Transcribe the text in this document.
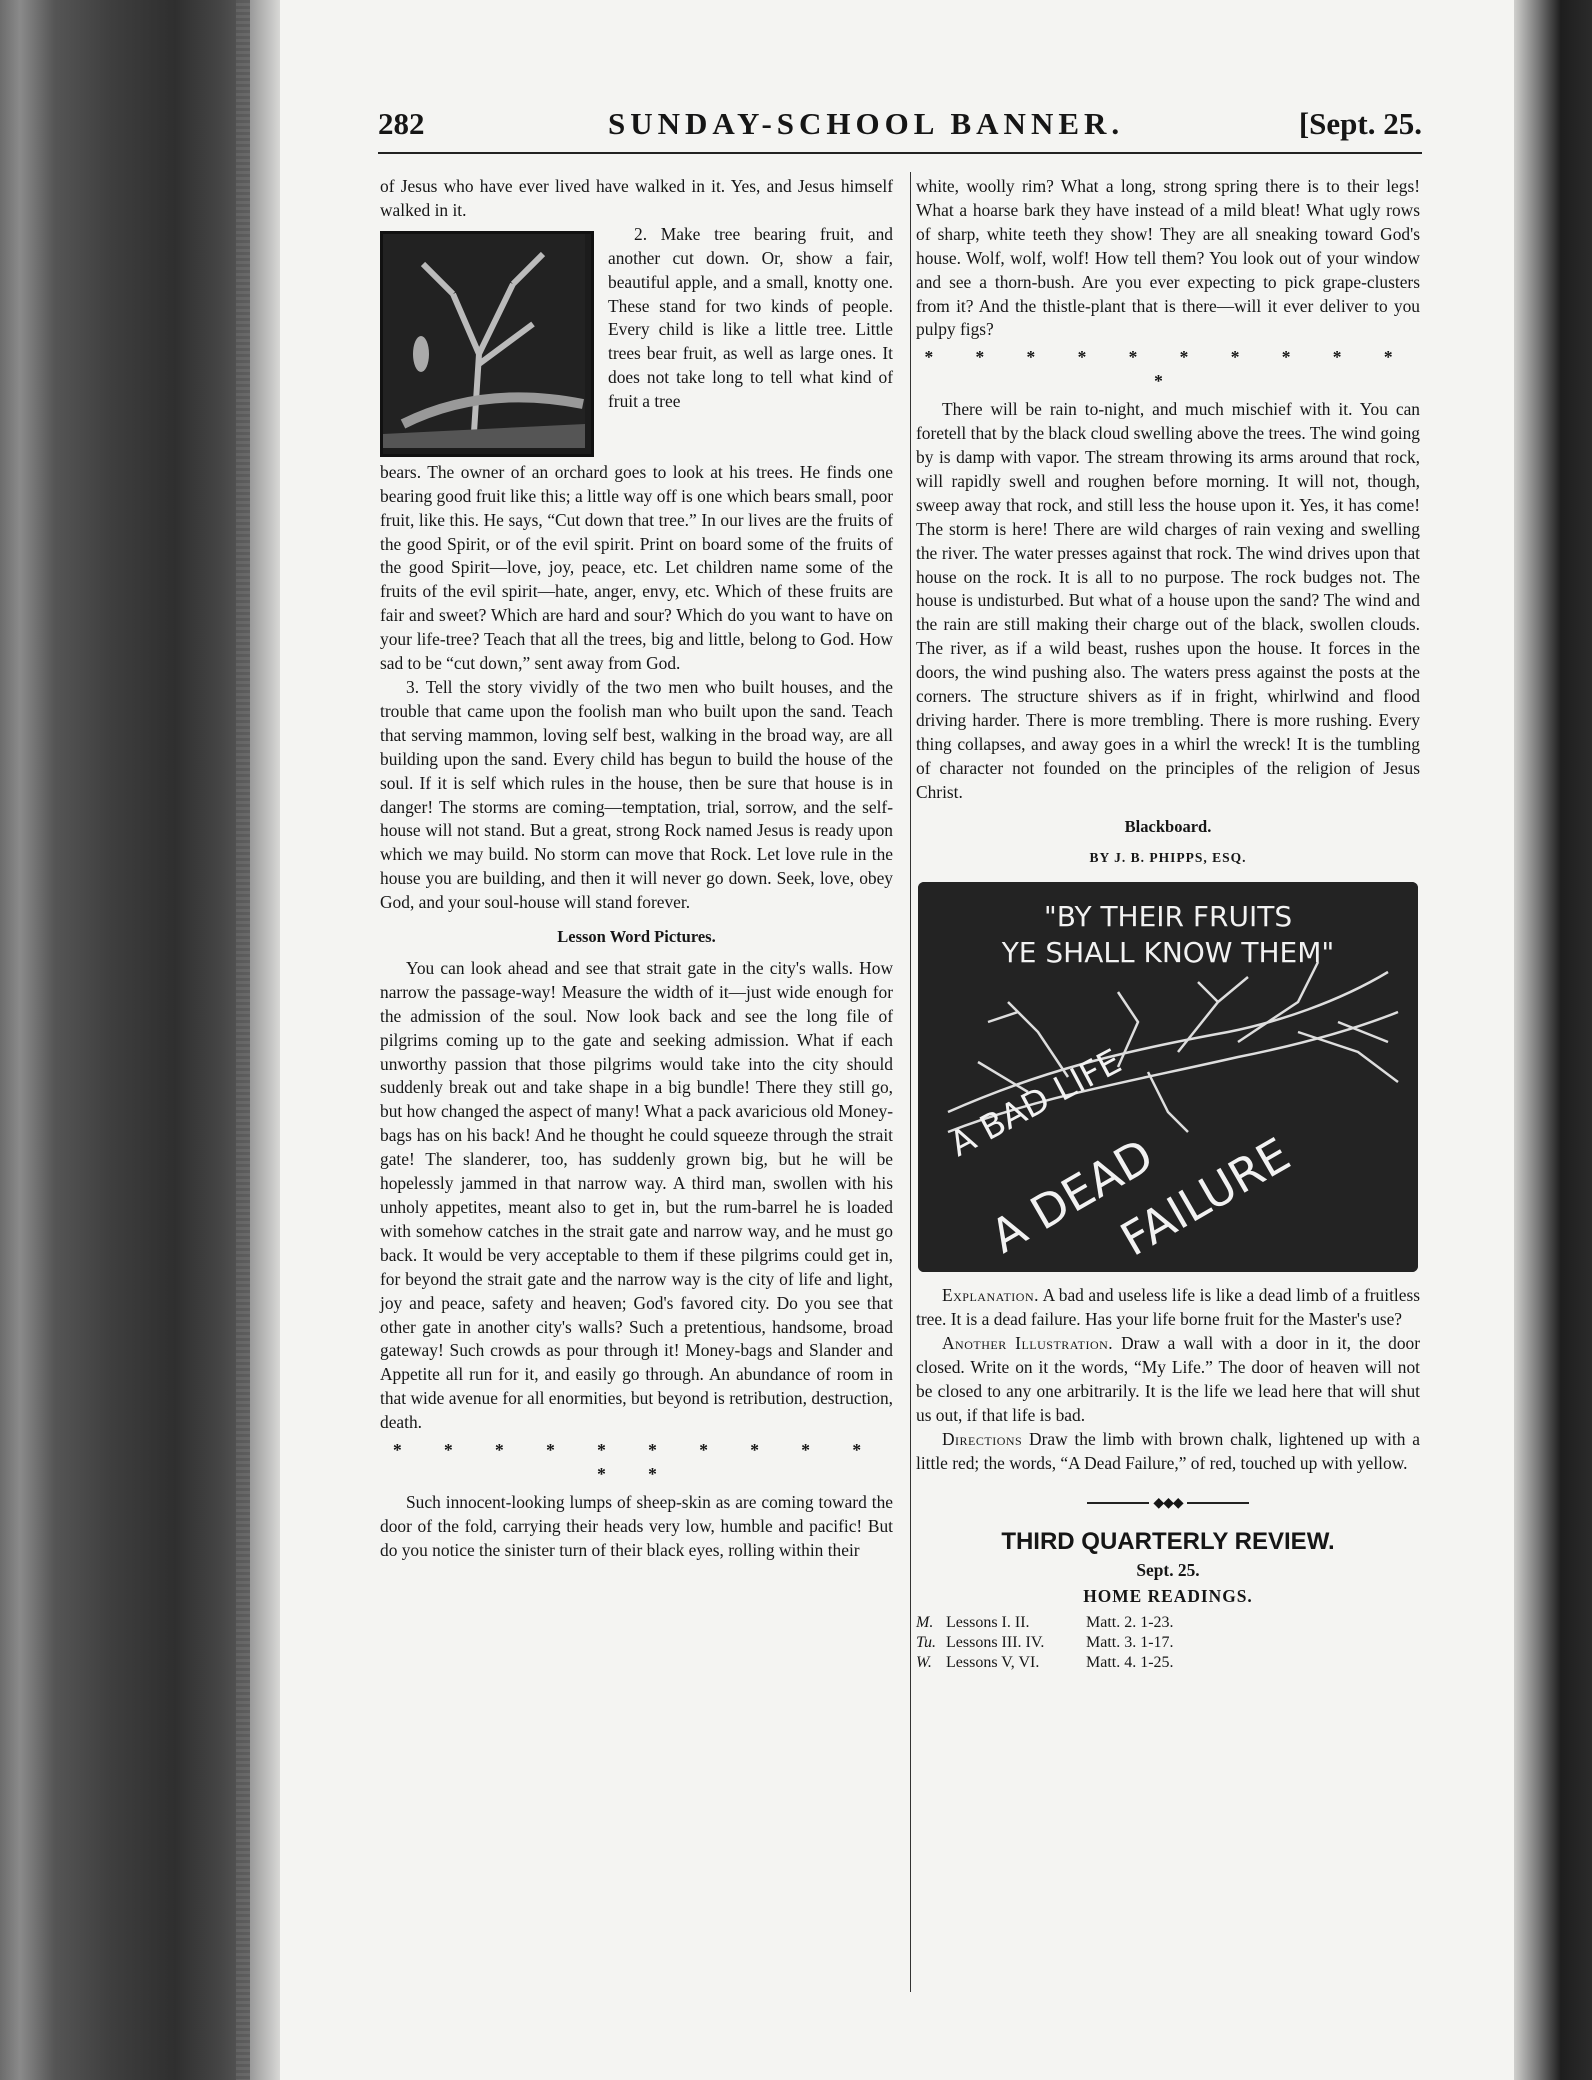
282	SUNDAY-SCHOOL BANNER.	[Sept. 25.

of Jesus who have ever lived have walked in it. Yes, and Jesus himself walked in it.

2. Make tree bearing fruit, and another cut down. Or, show a fair, beautiful apple, and a small, knotty one. These stand for two kinds of people. Every child is like a little tree. Little trees bear fruit, as well as large ones. It does not take long to tell what kind of fruit a tree

bears. The owner of an orchard goes to look at his trees. He finds one bearing good fruit like this; a little way off is one which bears small, poor fruit, like this. He says, “Cut down that tree.” In our lives are the fruits of the good Spirit, or of the evil spirit. Print on board some of the fruits of the good Spirit—love, joy, peace, etc. Let children name some of the fruits of the evil spirit—hate, anger, envy, etc. Which of these fruits are fair and sweet? Which are hard and sour? Which do you want to have on your life-tree? Teach that all the trees, big and little, belong to God. How sad to be “cut down,” sent away from God.

3. Tell the story vividly of the two men who built houses, and the trouble that came upon the foolish man who built upon the sand. Teach that serving mammon, loving self best, walking in the broad way, are all building upon the sand. Every child has begun to build the house of the soul. If it is self which rules in the house, then be sure that house is in danger! The storms are coming—temptation, trial, sorrow, and the self-house will not stand. But a great, strong Rock named Jesus is ready upon which we may build. No storm can move that Rock. Let love rule in the house you are building, and then it will never go down. Seek, love, obey God, and your soul-house will stand forever.

Lesson Word Pictures.

You can look ahead and see that strait gate in the city's walls. How narrow the passage-way! Measure the width of it—just wide enough for the admission of the soul. Now look back and see the long file of pilgrims coming up to the gate and seeking admission. What if each unworthy passion that those pilgrims would take into the city should suddenly break out and take shape in a big bundle! There they still go, but how changed the aspect of many! What a pack avaricious old Money-bags has on his back! And he thought he could squeeze through the strait gate! The slanderer, too, has suddenly grown big, but he will be hopelessly jammed in that narrow way. A third man, swollen with his unholy appetites, meant also to get in, but the rum-barrel he is loaded with somehow catches in the strait gate and narrow way, and he must go back. It would be very acceptable to them if these pilgrims could get in, for beyond the strait gate and the narrow way is the city of life and light, joy and peace, safety and heaven; God's favored city. Do you see that other gate in another city's walls? Such a pretentious, handsome, broad gateway! Such crowds as pour through it! Money-bags and Slander and Appetite all run for it, and easily go through. An abundance of room in that wide avenue for all enormities, but beyond is retribution, destruction, death.

* * * * * * * * * * * *

Such innocent-looking lumps of sheep-skin as are coming toward the door of the fold, carrying their heads very low, humble and pacific! But do you notice the sinister turn of their black eyes, rolling within their

white, woolly rim? What a long, strong spring there is to their legs! What a hoarse bark they have instead of a mild bleat! What ugly rows of sharp, white teeth they show! They are all sneaking toward God's house. Wolf, wolf, wolf! How tell them? You look out of your window and see a thorn-bush. Are you ever expecting to pick grape-clusters from it? And the thistle-plant that is there—will it ever deliver to you pulpy figs?

* * * * * * * * * * *

There will be rain to-night, and much mischief with it. You can foretell that by the black cloud swelling above the trees. The wind going by is damp with vapor. The stream throwing its arms around that rock, will rapidly swell and roughen before morning. It will not, though, sweep away that rock, and still less the house upon it. Yes, it has come! The storm is here! There are wild charges of rain vexing and swelling the river. The water presses against that rock. The wind drives upon that house on the rock. It is all to no purpose. The rock budges not. The house is undisturbed. But what of a house upon the sand? The wind and the rain are still making their charge out of the black, swollen clouds. The river, as if a wild beast, rushes upon the house. It forces in the doors, the wind pushing also. The waters press against the posts at the corners. The structure shivers as if in fright, whirlwind and flood driving harder. There is more trembling. There is more rushing. Every thing collapses, and away goes in a whirl the wreck! It is the tumbling of character not founded on the principles of the religion of Jesus Christ.

Blackboard.
BY J. B. PHIPPS, ESQ.
"BY THEIR FRUITS
YE SHALL KNOW THEM"
A BAD LIFE
A DEAD
FAILURE

Explanation. A bad and useless life is like a dead limb of a fruitless tree. It is a dead failure. Has your life borne fruit for the Master's use?

Another Illustration. Draw a wall with a door in it, the door closed. Write on it the words, “My Life.” The door of heaven will not be closed to any one arbitrarily. It is the life we lead here that will shut us out, if that life is bad.

Directions Draw the limb with brown chalk, lightened up with a little red; the words, “A Dead Failure,” of red, touched up with yellow.

◆◆◆
THIRD QUARTERLY REVIEW.
Sept. 25.
HOME READINGS.
M. Lessons I. II.	Matt. 2. 1-23.
Tu. Lessons III. IV.	Matt. 3. 1-17.
W. Lessons V, VI.	Matt. 4. 1-25.
